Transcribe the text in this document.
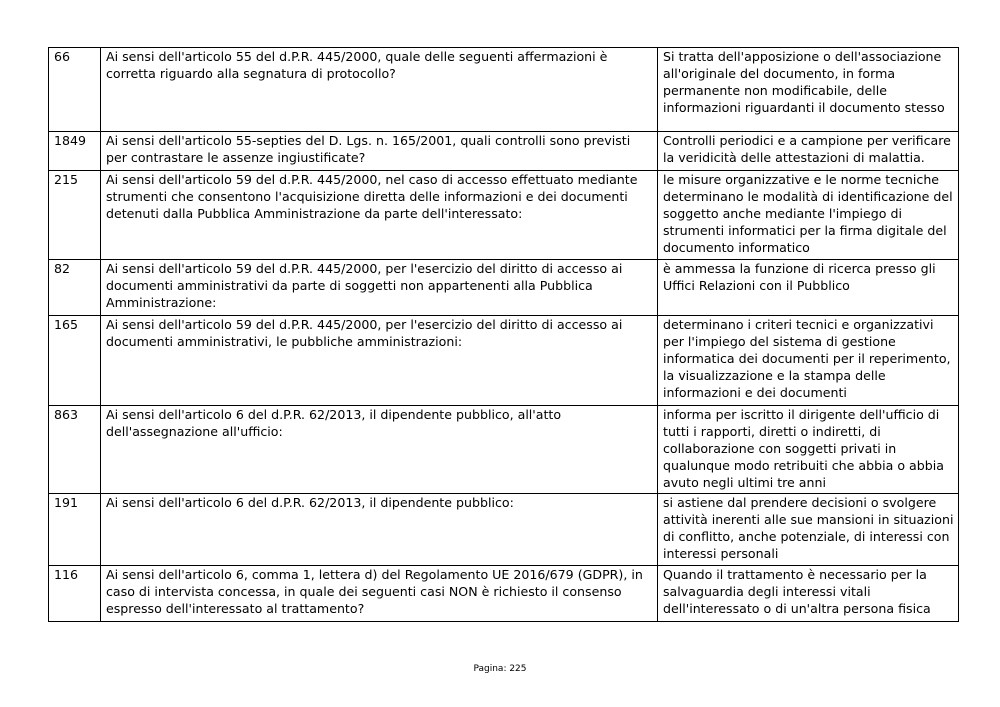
66	Ai sensi dell'articolo 55 del d.P.R. 445/2000, quale delle seguenti affermazioni è corretta riguardo alla segnatura di protocollo?	Si tratta dell'apposizione o dell'associazione all'originale del documento, in forma permanente non modificabile, delle informazioni riguardanti il documento stesso
1849	Ai sensi dell'articolo 55-septies del D. Lgs. n. 165/2001, quali controlli sono previsti per contrastare le assenze ingiustificate?	Controlli periodici e a campione per verificare la veridicità delle attestazioni di malattia.
215	Ai sensi dell'articolo 59 del d.P.R. 445/2000, nel caso di accesso effettuato mediante strumenti che consentono l'acquisizione diretta delle informazioni e dei documenti detenuti dalla Pubblica Amministrazione da parte dell'interessato:	le misure organizzative e le norme tecniche determinano le modalità di identificazione del soggetto anche mediante l'impiego di strumenti informatici per la firma digitale del documento informatico
82	Ai sensi dell'articolo 59 del d.P.R. 445/2000, per l'esercizio del diritto di accesso ai documenti amministrativi da parte di soggetti non appartenenti alla Pubblica Amministrazione:	è ammessa la funzione di ricerca presso gli Uffici Relazioni con il Pubblico
165	Ai sensi dell'articolo 59 del d.P.R. 445/2000, per l'esercizio del diritto di accesso ai documenti amministrativi, le pubbliche amministrazioni:	determinano i criteri tecnici e organizzativi per l'impiego del sistema di gestione informatica dei documenti per il reperimento, la visualizzazione e la stampa delle informazioni e dei documenti
863	Ai sensi dell'articolo 6 del d.P.R. 62/2013, il dipendente pubblico, all'atto dell'assegnazione all'ufficio:	informa per iscritto il dirigente dell'ufficio di tutti i rapporti, diretti o indiretti, di collaborazione con soggetti privati in qualunque modo retribuiti che abbia o abbia avuto negli ultimi tre anni
191	Ai sensi dell'articolo 6 del d.P.R. 62/2013, il dipendente pubblico:	si astiene dal prendere decisioni o svolgere attività inerenti alle sue mansioni in situazioni di conflitto, anche potenziale, di interessi con interessi personali
116	Ai sensi dell'articolo 6, comma 1, lettera d) del Regolamento UE 2016/679 (GDPR), in caso di intervista concessa, in quale dei seguenti casi NON è richiesto il consenso espresso dell'interessato al trattamento?	Quando il trattamento è necessario per la salvaguardia degli interessi vitali dell'interessato o di un'altra persona fisica
Pagina: 225
